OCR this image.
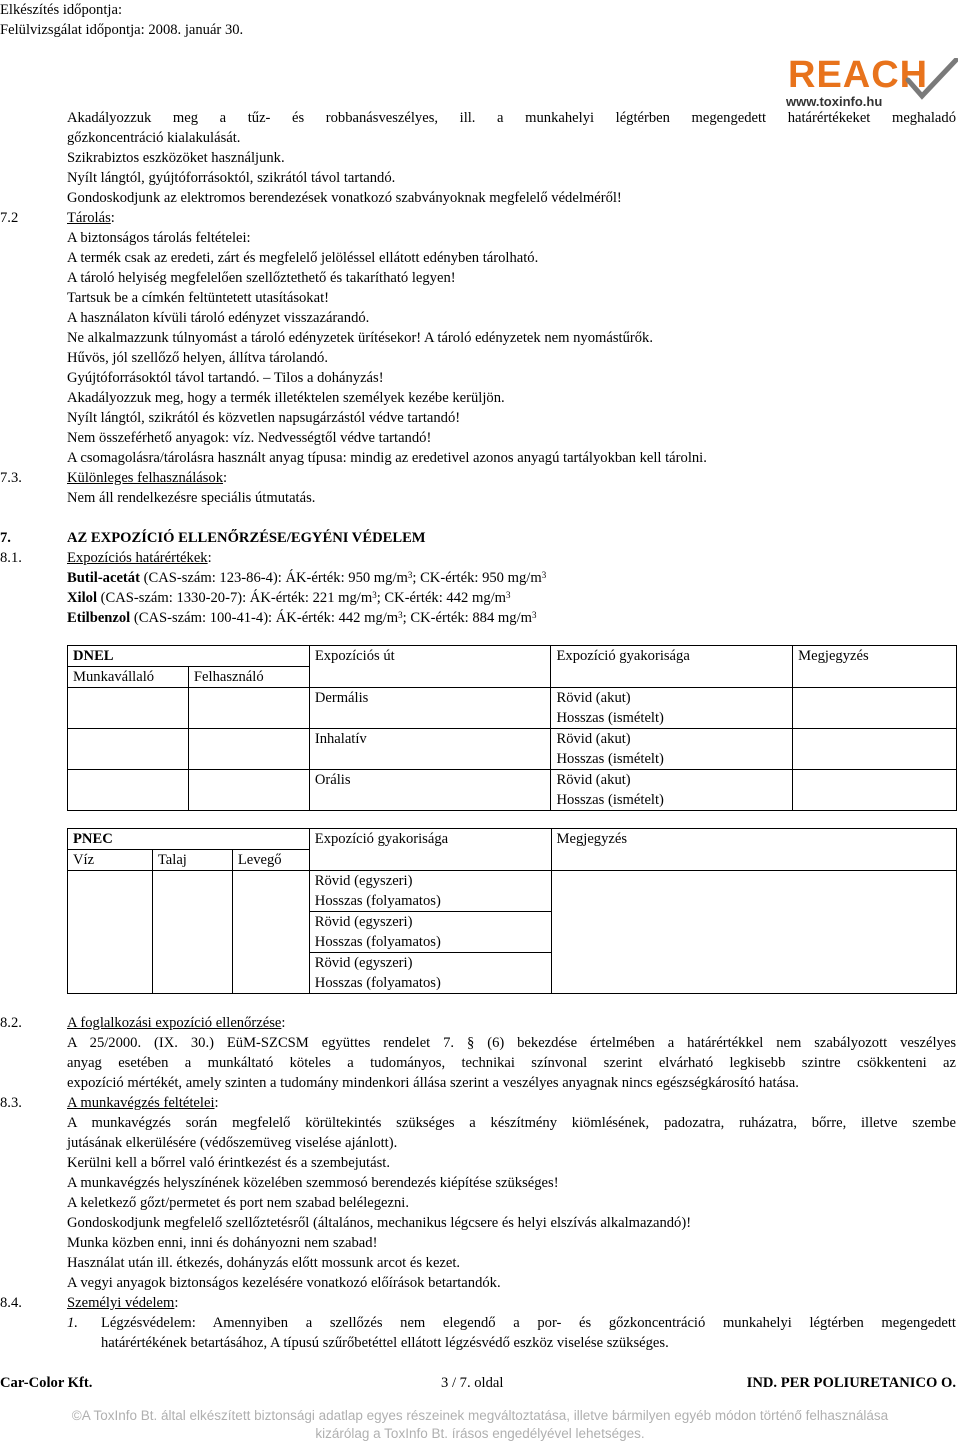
Elkészítés időpontja:
Felülvizsgálat időpontja: 2008. január 30.
REACH
www.toxinfo.hu
Akadályozzuk meg a tűz- és robbanásveszélyes, ill. a munkahelyi légtérben megengedett határértékeket meghaladó
gőzkoncentráció kialakulását.
Szikrabiztos eszközöket használjunk.
Nyílt lángtól, gyújtóforrásoktól, szikrától távol tartandó.
Gondoskodjunk az elektromos berendezések vonatkozó szabványoknak megfelelő védelméről!
7.2	Tárolás:
A biztonságos tárolás feltételei:
A termék csak az eredeti, zárt és megfelelő jelöléssel ellátott edényben tárolható.
A tároló helyiség megfelelően szellőztethető és takarítható legyen!
Tartsuk be a címkén feltüntetett utasításokat!
A használaton kívüli tároló edényzet visszazárandó.
Ne alkalmazzunk túlnyomást a tároló edényzetek ürítésekor! A tároló edényzetek nem nyomástűrők.
Hűvös, jól szellőző helyen, állítva tárolandó.
Gyújtóforrásoktól távol tartandó. – Tilos a dohányzás!
Akadályozzuk meg, hogy a termék illetéktelen személyek kezébe kerüljön.
Nyílt lángtól, szikrától és közvetlen napsugárzástól védve tartandó!
Nem összeférhető anyagok: víz. Nedvességtől védve tartandó!
A csomagolásra/tárolásra használt anyag típusa: mindig az eredetivel azonos anyagú tartályokban kell tárolni.
7.3.	Különleges felhasználások:
Nem áll rendelkezésre speciális útmutatás.
7.	AZ EXPOZÍCIÓ ELLENŐRZÉSE/EGYÉNI VÉDELEM
8.1.	Expozíciós határértékek:
Butil-acetát (CAS-szám: 123-86-4): ÁK-érték: 950 $mg/m^3$; CK-érték: 950 $mg/m^3$
Xilol (CAS-szám: 1330-20-7): ÁK-érték: 221 $mg/m^3$; CK-érték: 442 $mg/m^3$
Etilbenzol (CAS-szám: 100-41-4): ÁK-érték: 442 $mg/m^3$; CK-érték: 884 $mg/m^3$
DNEL		Expozíciós út	Expozíció gyakorisága	Megjegyzés
Munkavállaló	Felhasználó			
		Dermális	Rövid (akut)
Hosszas (ismételt)	

		Inhalatív	Rövid (akut)
Hosszas (ismételt)	

		Orális	Rövid (akut)
Hosszas (ismételt)	

PNEC			Expozíció gyakorisága	Megjegyzés
Víz	Talaj	Levegő		

			Rövid (egyszeri)
Hosszas (folyamatos)	

			Rövid (egyszeri)
Hosszas (folyamatos)	

			Rövid (egyszeri)
Hosszas (folyamatos)	

8.2.	A foglalkozási expozíció ellenőrzése:
A 25/2000. (IX. 30.) EüM-SZCSM együttes rendelet 7. § (6) bekezdése értelmében a határértékkel nem szabályozott veszélyes
anyag esetében a munkáltató köteles a tudományos, technikai színvonal szerint elvárható legkisebb szintre csökkenteni az
expozíció mértékét, amely szinten a tudomány mindenkori állása szerint a veszélyes anyagnak nincs egészségkárosító hatása.
8.3.	A munkavégzés feltételei:
A munkavégzés során megfelelő körültekintés szükséges a készítmény kiömlésének, padozatra, ruházatra, bőrre, illetve szembe
jutásának elkerülésére (védőszemüveg viselése ajánlott).
Kerülni kell a bőrrel való érintkezést és a szembejutást.
A munkavégzés helyszínének közelében szemmosó berendezés kiépítése szükséges!
A keletkező gőzt/permetet és port nem szabad belélegezni.
Gondoskodjunk megfelelő szellőztetésről (általános, mechanikus légcsere és helyi elszívás alkalmazandó)!
Munka közben enni, inni és dohányozni nem szabad!
Használat után ill. étkezés, dohányzás előtt mossunk arcot és kezet.
A vegyi anyagok biztonságos kezelésére vonatkozó előírások betartandók.
8.4.	Személyi védelem:
1. Légzésvédelem: Amennyiben a szellőzés nem elegendő a por- és gőzkoncentráció munkahelyi légtérben megengedett
határértékének betartásához, A típusú szűrőbetéttel ellátott légzésvédő eszköz viselése szükséges.
Car-Color Kft.	3 / 7. oldal	IND. PER POLIURETANICO O.
©A ToxInfo Bt. által elkészített biztonsági adatlap egyes részeinek megváltoztatása, illetve bármilyen egyéb módon történő felhasználása
kizárólag a ToxInfo Bt. írásos engedélyével lehetséges.
